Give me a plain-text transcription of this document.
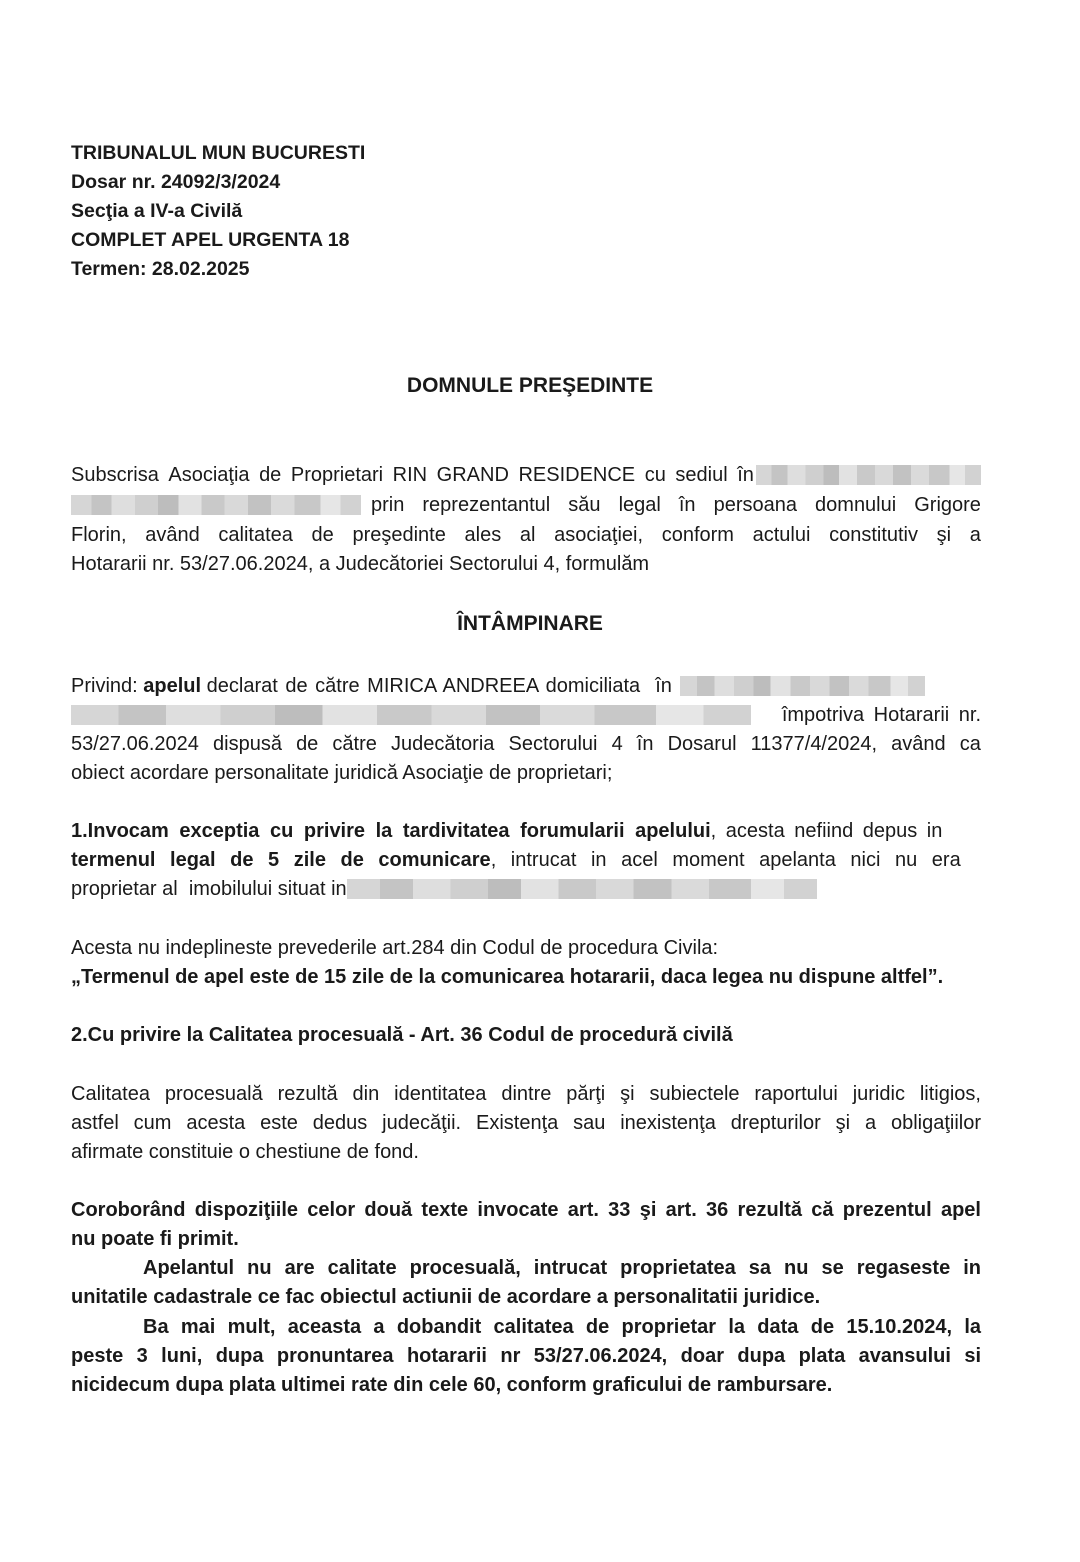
TRIBUNALUL MUN BUCURESTI
Dosar nr. 24092/3/2024
Secţia a IV-a Civilă
COMPLET APEL URGENTA 18
Termen: 28.02.2025
DOMNULE PREŞEDINTE
Subscrisa Asociaţia de Proprietari RIN GRAND RESIDENCE cu sediul în
prin reprezentantul său legal în persoana domnului Grigore
Florin, având calitatea de preşedinte ales al asociaţiei, conform actului constitutiv şi a
Hotararii nr. 53/27.06.2024, a Judecătoriei Sectorului 4, formulăm
ÎNTÂMPINARE
Privind:
apelul
declarat de către MIRICA ANDREEA domiciliata  în
împotriva Hotararii nr.
53/27.06.2024 dispusă de către Judecătoria Sectorului 4 în Dosarul 11377/4/2024, având ca
obiect acordare personalitate juridică Asociaţie de proprietari;
1.Invocam exceptia cu privire la tardivitatea forumularii apelului , acesta nefiind depus in
termenul legal de 5 zile de comunicare , intrucat in acel moment apelanta nici nu era
proprietar al  imobilului situat in
Acesta nu indeplineste prevederile art.284 din Codul de procedura Civila:
„Termenul de apel este de 15 zile de la comunicarea hotararii, daca legea nu dispune altfel”.
2.Cu privire la Calitatea procesuală - Art. 36 Codul de procedură civilă
Calitatea procesuală rezultă din identitatea dintre părţi şi subiectele raportului juridic litigios,
astfel cum acesta este dedus judecăţii. Existenţa sau inexistenţa drepturilor şi a obligaţiilor
afirmate constituie o chestiune de fond.
Coroborând dispoziţiile celor două texte invocate art. 33 şi art. 36 rezultă că prezentul apel
nu poate fi primit.
Apelantul nu are calitate procesuală, intrucat proprietatea sa nu se regaseste in
unitatile cadastrale ce fac obiectul actiunii de acordare a personalitatii juridice.
Ba mai mult, aceasta a dobandit calitatea de proprietar la data de 15.10.2024, la
peste 3 luni, dupa pronuntarea hotararii nr 53/27.06.2024, doar dupa plata avansului si
nicidecum dupa plata ultimei rate din cele 60, conform graficului de rambursare.
